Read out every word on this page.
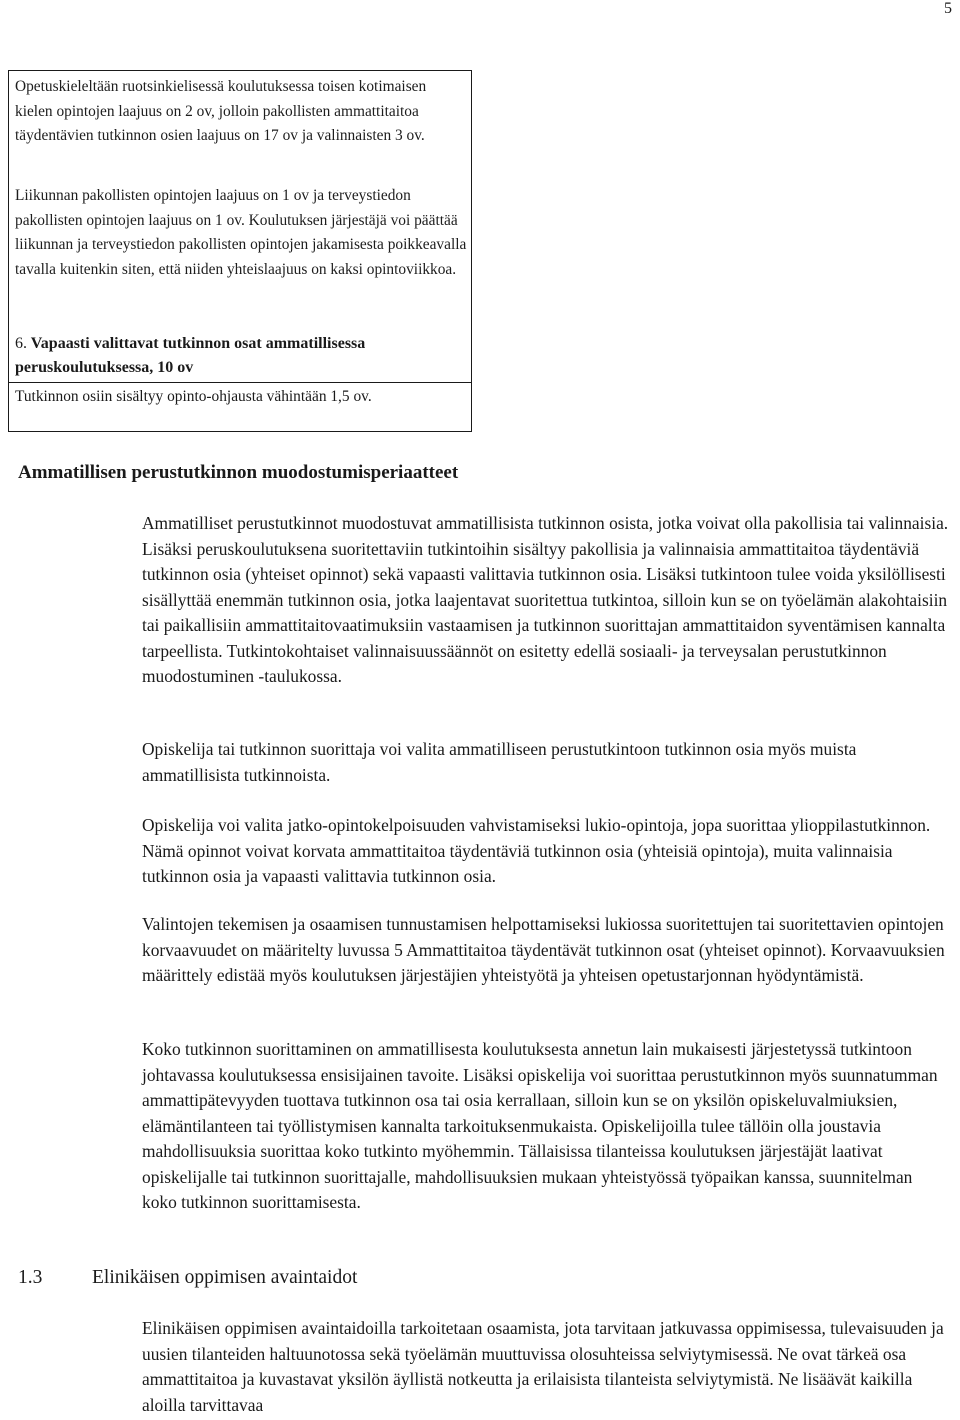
5
Opetuskieleltään ruotsinkielisessä koulutuksessa toisen kotimaisen kielen opintojen laajuus on 2 ov, jolloin pakollisten ammattitaitoa täydentävien tutkinnon osien laajuus on 17 ov ja valinnaisten 3 ov.
Liikunnan pakollisten opintojen laajuus on 1 ov ja terveystiedon pakollisten opintojen laajuus on 1 ov. Koulutuksen järjestäjä voi päättää liikunnan ja terveystiedon pakollisten opintojen jakamisesta poikkeavalla tavalla kuitenkin siten, että niiden yhteislaajuus on kaksi opintoviikkoa.
6. Vapaasti valittavat tutkinnon osat ammatillisessa peruskoulutuksessa, 10 ov
Tutkinnon osiin sisältyy opinto-ohjausta vähintään 1,5 ov.
Ammatillisen perustutkinnon muodostumisperiaatteet
Ammatilliset perustutkinnot muodostuvat ammatillisista tutkinnon osista, jotka voivat olla pakollisia tai valinnaisia. Lisäksi peruskoulutuksena suoritettaviin tutkintoihin sisältyy pakollisia ja valinnaisia ammattitaitoa täydentäviä tutkinnon osia (yhteiset opinnot) sekä vapaasti valittavia tutkinnon osia. Lisäksi tutkintoon tulee voida yksilöllisesti sisällyttää enemmän tutkinnon osia, jotka laajentavat suoritettua tutkintoa, silloin kun se on työelämän alakohtaisiin tai paikallisiin ammattitaitovaatimuksiin vastaamisen ja tutkinnon suorittajan ammattitaidon syventämisen kannalta tarpeellista. Tutkintokohtaiset valinnaisuussäännöt on esitetty edellä sosiaali- ja terveysalan perustutkinnon muodostuminen -taulukossa.
Opiskelija tai tutkinnon suorittaja voi valita ammatilliseen perustutkintoon tutkinnon osia myös muista ammatillisista tutkinnoista.
Opiskelija voi valita jatko-opintokelpoisuuden vahvistamiseksi lukio-opintoja, jopa suorittaa ylioppilastutkinnon. Nämä opinnot voivat korvata ammattitaitoa täydentäviä tutkinnon osia (yhteisiä opintoja), muita valinnaisia tutkinnon osia ja vapaasti valittavia tutkinnon osia.
Valintojen tekemisen ja osaamisen tunnustamisen helpottamiseksi lukiossa suoritettujen tai suoritettavien opintojen korvaavuudet on määritelty luvussa 5 Ammattitaitoa täydentävät tutkinnon osat (yhteiset opinnot). Korvaavuuksien määrittely edistää myös koulutuksen järjestäjien yhteistyötä ja yhteisen opetustarjonnan hyödyntämistä.
Koko tutkinnon suorittaminen on ammatillisesta koulutuksesta annetun lain mukaisesti järjestetyssä tutkintoon johtavassa koulutuksessa ensisijainen tavoite. Lisäksi opiskelija voi suorittaa perustutkinnon myös suunnatumman ammattipätevyyden tuottava tutkinnon osa tai osia kerrallaan, silloin kun se on yksilön opiskeluvalmiuksien, elämäntilanteen tai työllistymisen kannalta tarkoituksenmukaista. Opiskelijoilla tulee tällöin olla joustavia mahdollisuuksia suorittaa koko tutkinto myöhemmin. Tällaisissa tilanteissa koulutuksen järjestäjät laativat opiskelijalle tai tutkinnon suorittajalle, mahdollisuuksien mukaan yhteistyössä työpaikan kanssa, suunnitelman koko tutkinnon suorittamisesta.
1.3	Elinikäisen oppimisen avaintaidot
Elinikäisen oppimisen avaintaidoilla tarkoitetaan osaamista, jota tarvitaan jatkuvassa oppimisessa, tulevaisuuden ja uusien tilanteiden haltuunotossa sekä työelämän muuttuvissa olosuhteissa selviytymisessä. Ne ovat tärkeä osa ammattitaitoa ja kuvastavat yksilön äyllistä notkeutta ja erilaisista tilanteista selviytymistä. Ne lisäävät kaikilla aloilla tarvittavaa
